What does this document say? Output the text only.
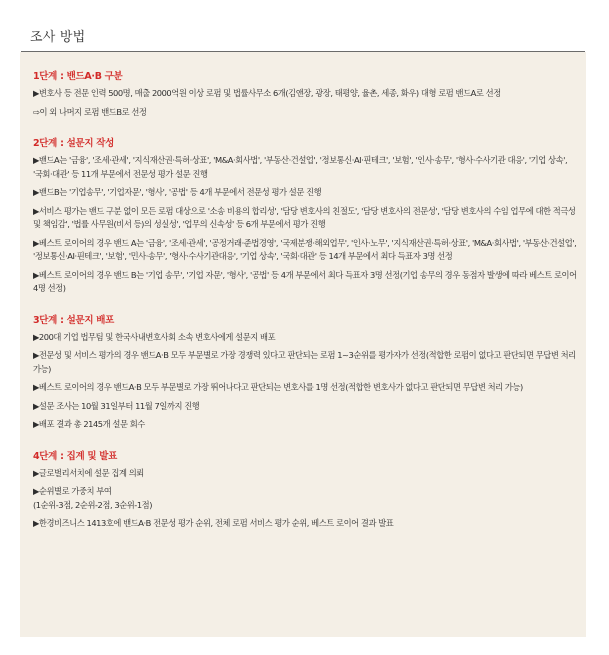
조사 방법
1단계 : 밴드A·B 구분
▶변호사 등 전문 인력 500명, 매출 2000억원 이상 로펌 및 법률사무소 6개(김앤장, 광장, 태평양, 율촌, 세종, 화우) 대형 로펌 밴드A로 선정
⇨이 외 나머지 로펌 밴드B로 선정
2단계 : 설문지 작성
▶밴드A는 '금융', '조세·관세', '지식재산권·특허·상표', 'M&A·회사법', '부동산·건설업', '정보통신·AI·핀테크', '보험', '인사·송무', '형사·수사기관 대응', '기업 상속', '국회·대관' 등 11개 부문에서 전문성 평가 설문 진행
▶밴드B는 '기업송무', '기업자문', '형사', '공법' 등 4개 부문에서 전문성 평가 설문 진행
▶서비스 평가는 밴드 구분 없이 모든 로펌 대상으로 '소송 비용의 합리성', '담당 변호사의 친절도', '담당 변호사의 전문성', '담당 변호사의 수임 업무에 대한 적극성 및 책임감', '법률 사무원(비서 등)의 성실성', '업무의 신속성' 등 6개 부문에서 평가 진행
▶베스트 로이어의 경우 밴드 A는 '금융', '조세·관세', '공정거래·준법경영', '국제분쟁·해외업무', '인사·노무', '지식재산권·특허·상표', 'M&A·회사법', '부동산·건설업', '정보통신·AI·핀테크', '보험', '민사·송무', '형사·수사기관대응', '기업 상속', '국회·대관' 등 14개 부문에서 최다 득표자 3명 선정
▶베스트 로이어의 경우 밴드 B는 '기업 송무', '기업 자문', '형사', '공법' 등 4개 부문에서 최다 득표자 3명 선정(기업 송무의 경우 동점자 발생에 따라 베스트 로이어 4명 선정)
3단계 : 설문지 배포
▶200대 기업 법무팀 및 한국사내변호사회 소속 변호사에게 설문지 배포
▶전문성 및 서비스 평가의 경우 밴드A·B 모두 부문별로 가장 경쟁력 있다고 판단되는 로펌 1~3순위를 평가자가 선정(적합한 로펌이 없다고 판단되면 무답변 처리 가능)
▶베스트 로이어의 경우 밴드A·B 모두 부문별로 가장 뛰어나다고 판단되는 변호사를 1명 선정(적합한 변호사가 없다고 판단되면 무답변 처리 가능)
▶설문 조사는 10월 31일부터 11월 7일까지 진행
▶배포 결과 총 2145개 설문 회수
4단계 : 집계 및 발표
▶글로벌리서치에 설문 집계 의뢰
▶순위별로 가중치 부여
(1순위-3점, 2순위-2점, 3순위-1점)
▶한경비즈니스 1413호에 밴드A·B 전문성 평가 순위, 전체 로펌 서비스 평가 순위, 베스트 로이어 결과 발표
